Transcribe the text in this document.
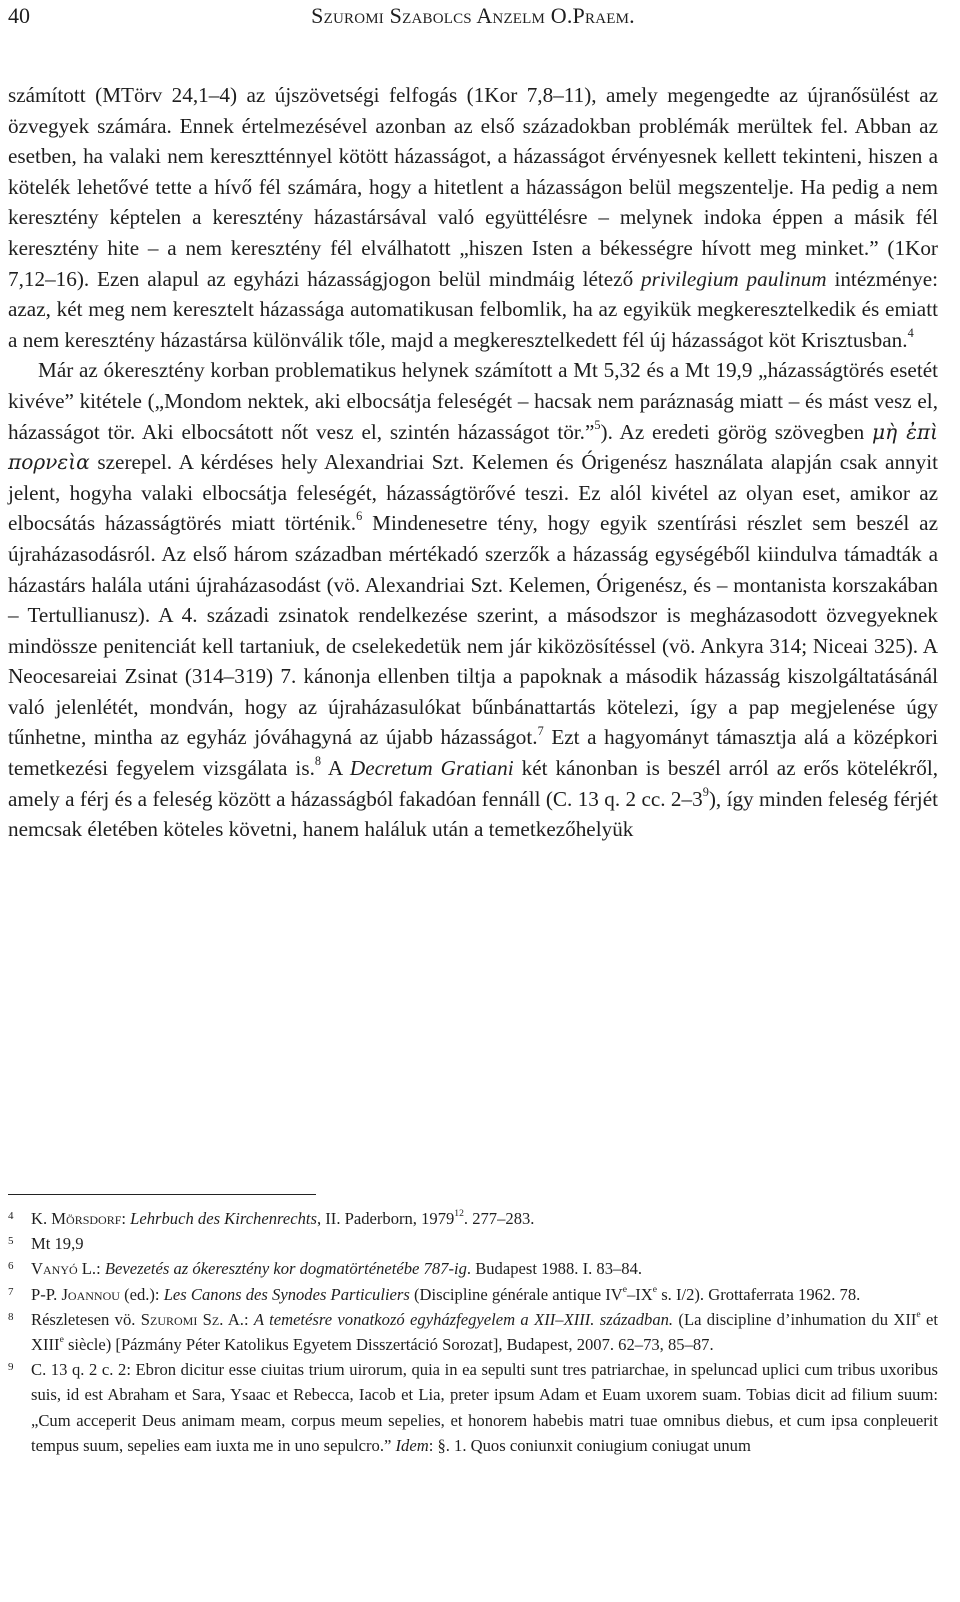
40	Szuromi Szabolcs Anzelm O.Praem.

számított (MTörv 24,1–4) az újszövetségi felfogás (1Kor 7,8–11), amely megengedte az újranősülést az özvegyek számára. Ennek értelmezésével azonban az első századokban problémák merültek fel. Abban az esetben, ha valaki nem keresztténnyel kötött házasságot, a házasságot érvényesnek kellett tekinteni, hiszen a kötelék lehetővé tette a hívő fél számára, hogy a hitetlent a házasságon belül megszentelje. Ha pedig a nem keresztény képtelen a keresztény házastársával való együttélésre – melynek indoka éppen a másik fél keresztény hite – a nem keresztény fél elválhatott „hiszen Isten a békességre hívott meg minket.” (1Kor 7,12–16). Ezen alapul az egyházi házasságjogon belül mindmáig létező privilegium paulinum intézménye: azaz, két meg nem keresztelt házassága automatikusan felbomlik, ha az egyikük megkeresztelkedik és emiatt a nem keresztény házastársa különválik tőle, majd a megkeresztelkedett fél új házasságot köt Krisztusban.$^4$

Már az ókeresztény korban problematikus helynek számított a Mt 5,32 és a Mt 19,9 „házasságtörés esetét kivéve” kitétele („Mondom nektek, aki elbocsátja feleségét – hacsak nem paráznaság miatt – és mást vesz el, házasságot tör. Aki elbocsátott nőt vesz el, szintén házasságot tör.”$^5$). Az eredeti görög szövegben μὴ ἐπὶ πορνεὶα szerepel. A kérdéses hely Alexandriai Szt. Kelemen és Órigenész használata alapján csak annyit jelent, hogyha valaki elbocsátja feleségét, házasságtörővé teszi. Ez alól kivétel az olyan eset, amikor az elbocsátás házasságtörés miatt történik.$^6$ Mindenesetre tény, hogy egyik szentírási részlet sem beszél az újraházasodásról. Az első három században mértékadó szerzők a házasság egységéből kiindulva támadták a házastárs halála utáni újraházasodást (vö. Alexandriai Szt. Kelemen, Órigenész, és – montanista korszakában – Tertullianusz). A 4. századi zsinatok rendelkezése szerint, a másodszor is megházasodott özvegyeknek mindössze penitenciát kell tartaniuk, de cselekedetük nem jár kiközösítéssel (vö. Ankyra 314; Niceai 325). A Neocesareiai Zsinat (314–319) 7. kánonja ellenben tiltja a papoknak a második házasság kiszolgáltatásánál való jelenlétét, mondván, hogy az újraházasulókat bűnbánattartás kötelezi, így a pap megjelenése úgy tűnhetne, mintha az egyház jóváhagyná az újabb házasságot.$^7$ Ezt a hagyományt támasztja alá a középkori temetkezési fegyelem vizsgálata is.$^8$ A Decretum Gratiani két kánonban is beszél arról az erős kötelékről, amely a férj és a feleség között a házasságból fakadóan fennáll (C. 13 q. 2 cc. $2-3^9$), így minden feleség férjét nemcsak életében köteles követni, hanem haláluk után a temetkezőhelyük

4	K. Mörsdorf: Lehrbuch des Kirchenrechts, II. Paderborn, 1979$^{12}$. 277–283.
5	Mt 19,9
6	Vanyó L.: Bevezetés az ókeresztény kor dogmatörténetébe 787-ig. Budapest 1988. I. 83–84.
7	P-P. Joannou (ed.): Les Canons des Synodes Particuliers (Discipline générale antique IVe–IXe s. I/2). Grottaferrata 1962. 78.
8	Részletesen vö. Szuromi Sz. A.: A temetésre vonatkozó egyházfegyelem a XII–XIII. században. (La discipline d’inhumation du XIIe et XIIIe siècle) [Pázmány Péter Katolikus Egyetem Disszertáció Sorozat], Budapest, 2007. 62–73, 85–87.
9	C. 13 q. 2 c. 2: Ebron dicitur esse ciuitas trium uirorum, quia in ea sepulti sunt tres patriarchae, in speluncad uplici cum tribus uxoribus suis, id est Abraham et Sara, Ysaac et Rebecca, Iacob et Lia, preter ipsum Adam et Euam uxorem suam. Tobias dicit ad filium suum: „Cum acceperit Deus animam meam, corpus meum sepelies, et honorem habebis matri tuae omnibus diebus, et cum ipsa conpleuerit tempus suum, sepelies eam iuxta me in uno sepulcro.” Idem: §. 1. Quos coniunxit coniugium coniugat unum
